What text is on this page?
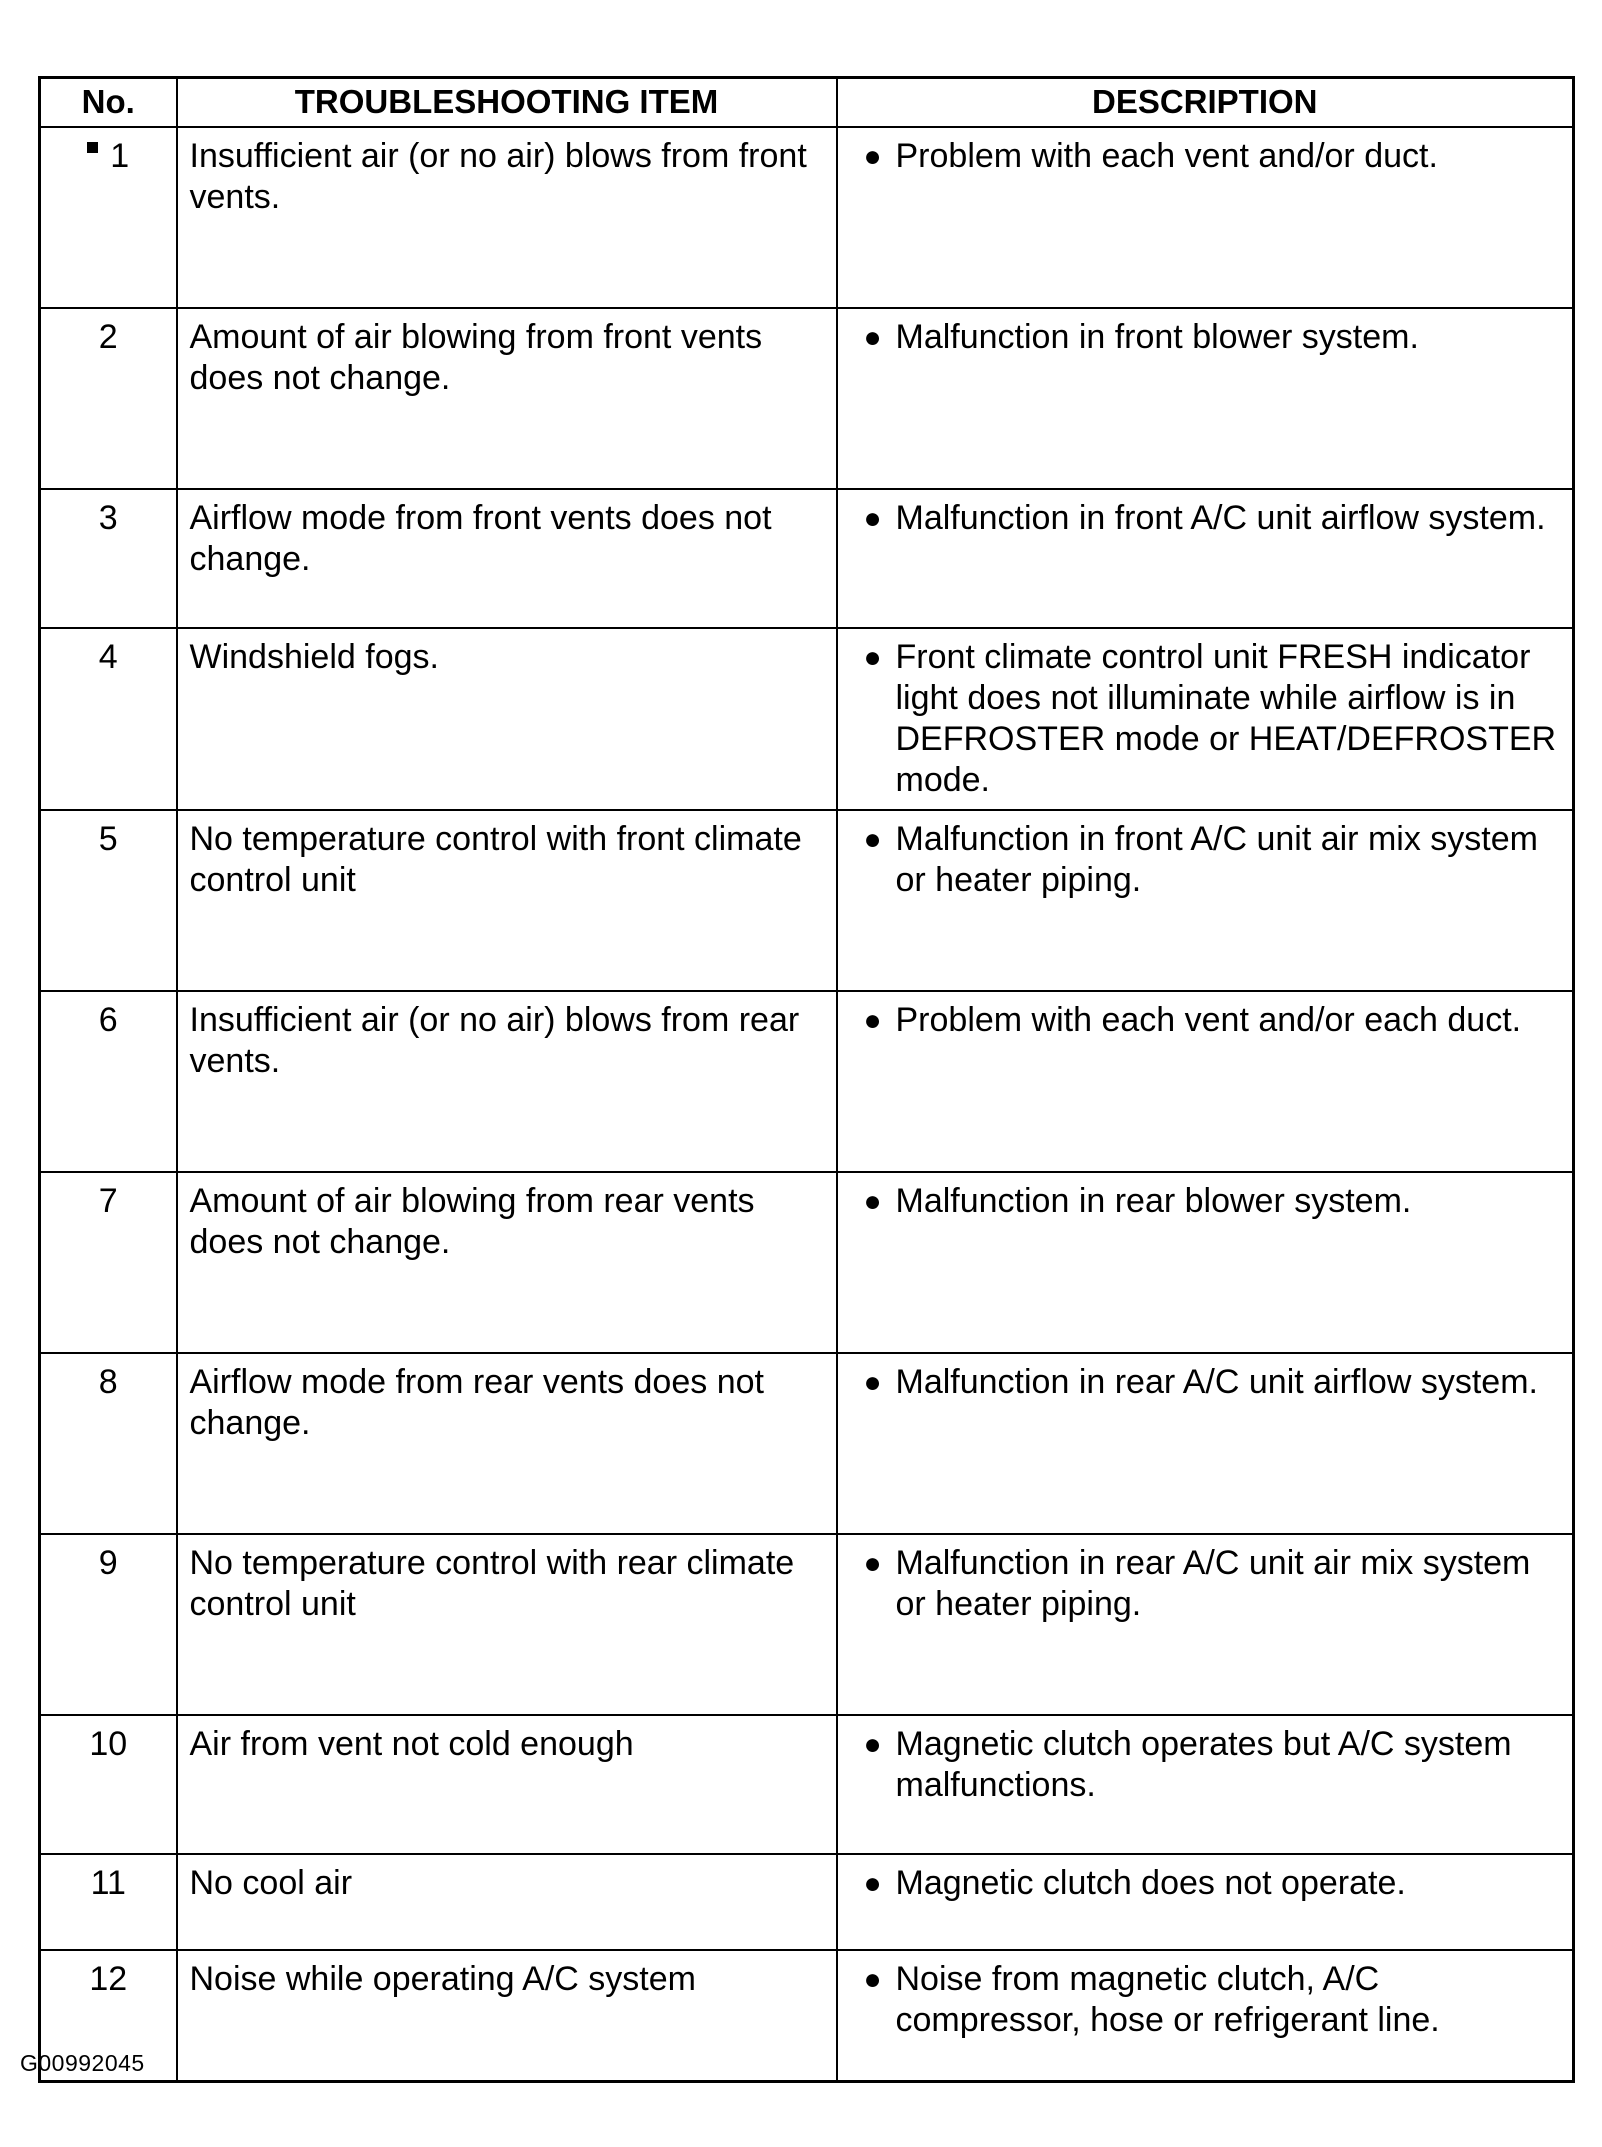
No.	TROUBLESHOOTING ITEM	DESCRIPTION
1	Insufficient air (or no air) blows from front vents.	● Problem with each vent and/or duct.

2	Amount of air blowing from front vents does not change.	● Malfunction in front blower system.

3	Airflow mode from front vents does not change.	● Malfunction in front A/C unit airflow system.

4	Windshield fogs.	● Front climate control unit FRESH indicator light does not illuminate while airflow is in DEFROSTER mode or HEAT/DEFROSTER mode.

5	No temperature control with front climate control unit	● Malfunction in front A/C unit air mix system or heater piping.

6	Insufficient air (or no air) blows from rear vents.	● Problem with each vent and/or each duct.

7	Amount of air blowing from rear vents does not change.	● Malfunction in rear blower system.

8	Airflow mode from rear vents does not change.	● Malfunction in rear A/C unit airflow system.

9	No temperature control with rear climate control unit	● Malfunction in rear A/C unit air mix system or heater piping.

10	Air from vent not cold enough	● Magnetic clutch operates but A/C system malfunctions.

11	No cool air	● Magnetic clutch does not operate.

12	Noise while operating A/C system	● Noise from magnetic clutch, A/C compressor, hose or refrigerant line.
G00992045
